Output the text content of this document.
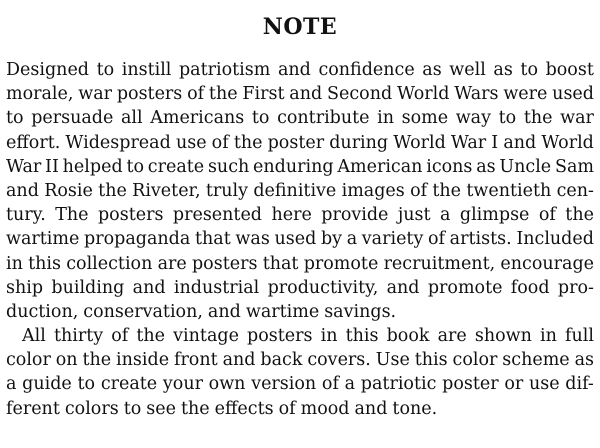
NOTE
Designed to instill patriotism and confidence as well as to boost
morale, war posters of the First and Second World Wars were used
to persuade all Americans to contribute in some way to the war
effort. Widespread use of the poster during World War I and World
War II helped to create such enduring American icons as Uncle Sam
and Rosie the Riveter, truly definitive images of the twentieth cen-
tury. The posters presented here provide just a glimpse of the
wartime propaganda that was used by a variety of artists. Included
in this collection are posters that promote recruitment, encourage
ship building and industrial productivity, and promote food pro-
duction, conservation, and wartime savings.
All thirty of the vintage posters in this book are shown in full
color on the inside front and back covers. Use this color scheme as
a guide to create your own version of a patriotic poster or use dif-
ferent colors to see the effects of mood and tone.
